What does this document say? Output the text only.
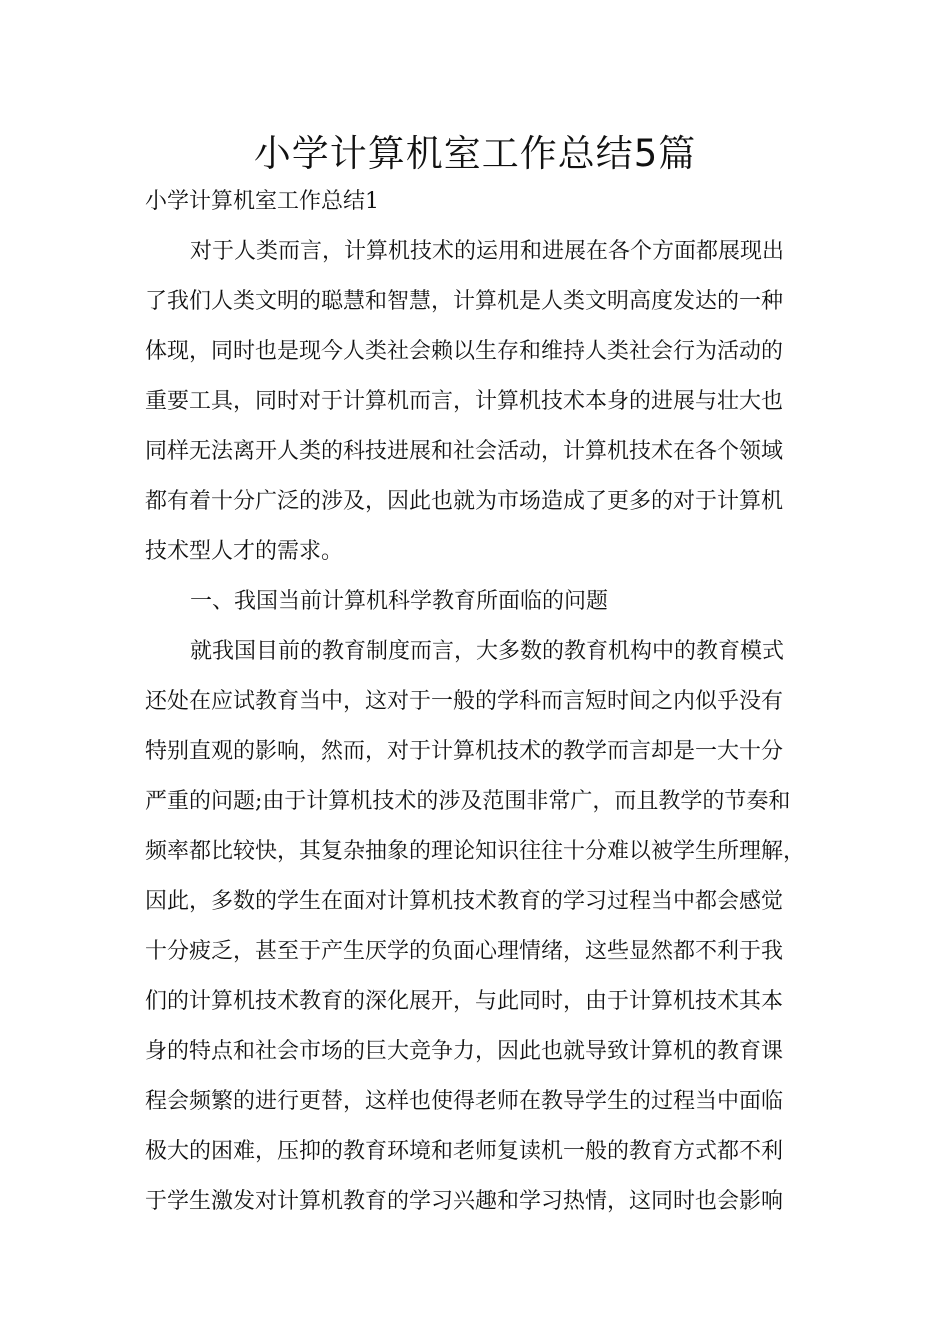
小学计算机室工作总结5篇
小学计算机室工作总结1
对于人类而言，计算机技术的运用和进展在各个方面都展现出
了我们人类文明的聪慧和智慧，计算机是人类文明高度发达的一种
体现，同时也是现今人类社会赖以生存和维持人类社会行为活动的
重要工具，同时对于计算机而言，计算机技术本身的进展与壮大也
同样无法离开人类的科技进展和社会活动，计算机技术在各个领域
都有着十分广泛的涉及，因此也就为市场造成了更多的对于计算机
技术型人才的需求。
一、我国当前计算机科学教育所面临的问题
就我国目前的教育制度而言，大多数的教育机构中的教育模式
还处在应试教育当中，这对于一般的学科而言短时间之内似乎没有
特别直观的影响，然而，对于计算机技术的教学而言却是一大十分
严重的问题;由于计算机技术的涉及范围非常广，而且教学的节奏和
频率都比较快，其复杂抽象的理论知识往往十分难以被学生所理解，
因此，多数的学生在面对计算机技术教育的学习过程当中都会感觉
十分疲乏，甚至于产生厌学的负面心理情绪，这些显然都不利于我
们的计算机技术教育的深化展开，与此同时，由于计算机技术其本
身的特点和社会市场的巨大竞争力，因此也就导致计算机的教育课
程会频繁的进行更替，这样也使得老师在教导学生的过程当中面临
极大的困难，压抑的教育环境和老师复读机一般的教育方式都不利
于学生激发对计算机教育的学习兴趣和学习热情，这同时也会影响
